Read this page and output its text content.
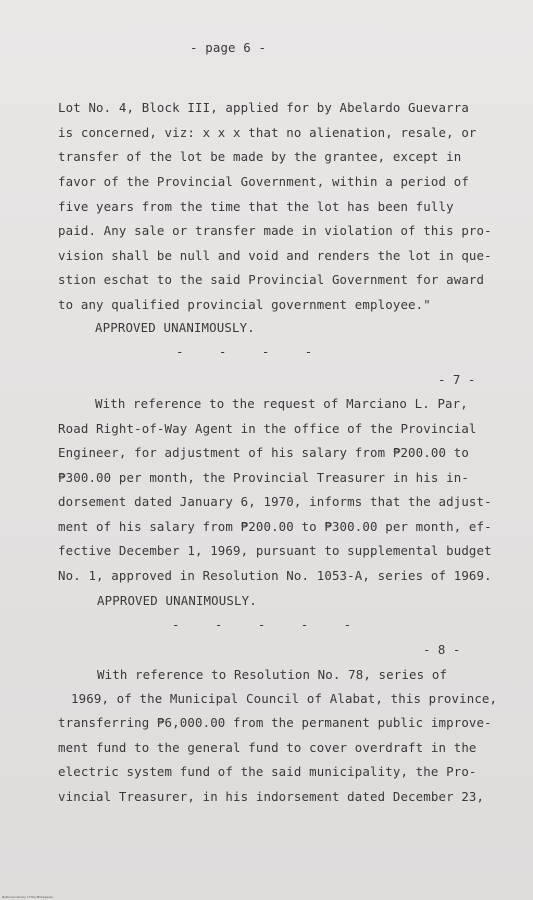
- page 6 -
Lot No. 4, Block III, applied for by Abelardo Guevarra
is concerned, viz: x x x that no alienation, resale, or
transfer of the lot be made by the grantee, except in
favor of the Provincial Government, within a period of
five years from the time that the lot has been fully
paid. Any sale or transfer made in violation of this pro-
vision shall be null and void and renders the lot in que-
stion eschat to the said Provincial Government for award
to any qualified provincial government employee."
APPROVED UNANIMOUSLY.
- - - -
- 7 -
With reference to the request of Marciano L. Par,
Road Right-of-Way Agent in the office of the Provincial
Engineer, for adjustment of his salary from ₱200.00 to
₱300.00 per month, the Provincial Treasurer in his in-
dorsement dated January 6, 1970, informs that the adjust-
ment of his salary from ₱200.00 to ₱300.00 per month, ef-
fective December 1, 1969, pursuant to supplemental budget
No. 1, approved in Resolution No. 1053-A, series of 1969.
APPROVED UNANIMOUSLY.
- - - - -
- 8 -
With reference to Resolution No. 78, series of
1969, of the Municipal Council of Alabat, this province,
transferring ₱6,000.00 from the permanent public improve-
ment fund to the general fund to cover overdraft in the
electric system fund of the said municipality, the Pro-
vincial Treasurer, in his indorsement dated December 23,
National Library of the Philippines
